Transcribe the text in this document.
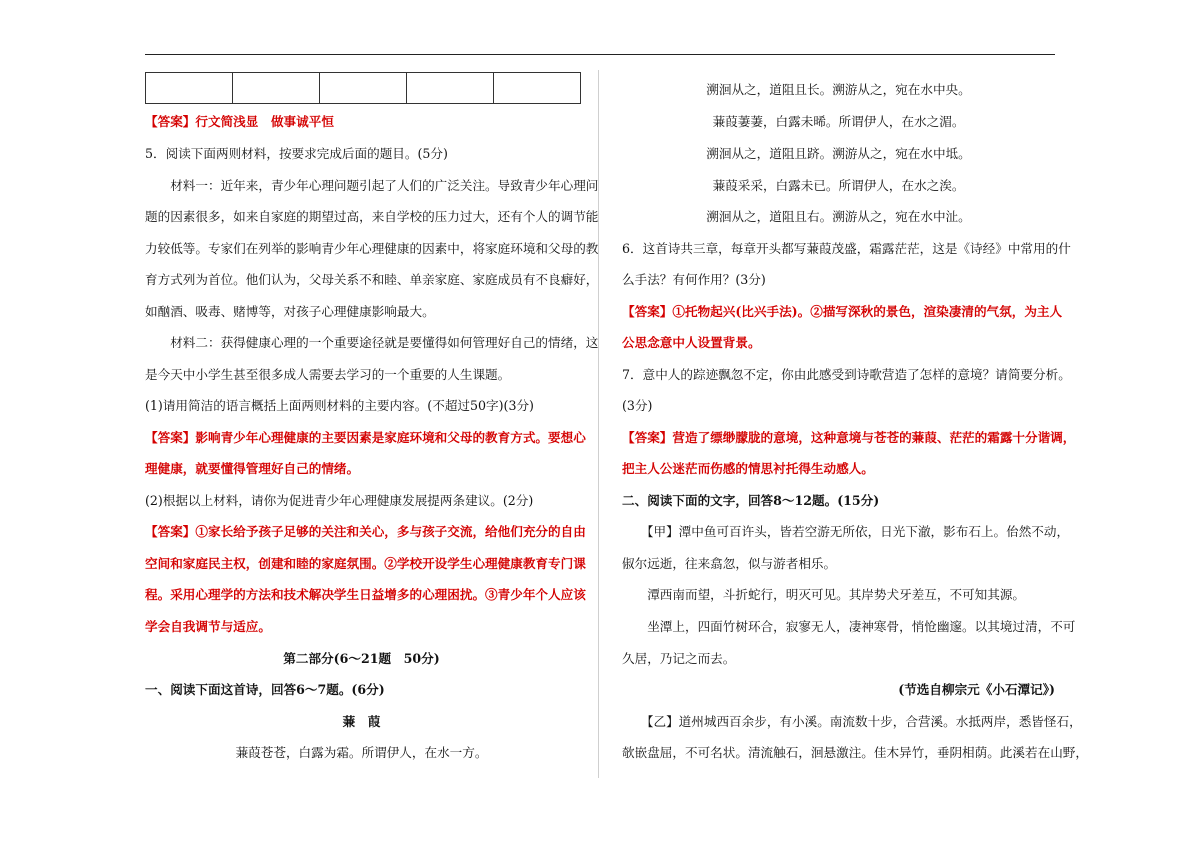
【答案】行文简浅显　做事诚平恒
5．阅读下面两则材料，按要求完成后面的题目。(5分)
　　材料一：近年来，青少年心理问题引起了人们的广泛关注。导致青少年心理问
题的因素很多，如来自家庭的期望过高，来自学校的压力过大，还有个人的调节能
力较低等。专家们在列举的影响青少年心理健康的因素中，将家庭环境和父母的教
育方式列为首位。他们认为，父母关系不和睦、单亲家庭、家庭成员有不良癖好，
如酗酒、吸毒、赌博等，对孩子心理健康影响最大。
　　材料二：获得健康心理的一个重要途径就是要懂得如何管理好自己的情绪，这
是今天中小学生甚至很多成人需要去学习的一个重要的人生课题。
(1)请用简洁的语言概括上面两则材料的主要内容。(不超过50字)(3分)
【答案】影响青少年心理健康的主要因素是家庭环境和父母的教育方式。要想心
理健康，就要懂得管理好自己的情绪。
(2)根据以上材料，请你为促进青少年心理健康发展提两条建议。(2分)
【答案】①家长给予孩子足够的关注和关心，多与孩子交流，给他们充分的自由
空间和家庭民主权，创建和睦的家庭氛围。②学校开设学生心理健康教育专门课
程。采用心理学的方法和技术解决学生日益增多的心理困扰。③青少年个人应该
学会自我调节与适应。
第二部分(6～21题　50分)
一、阅读下面这首诗，回答6～7题。(6分)
蒹　葭
蒹葭苍苍，白露为霜。所谓伊人，在水一方。
溯洄从之，道阻且长。溯游从之，宛在水中央。
蒹葭萋萋，白露未晞。所谓伊人，在水之湄。
溯洄从之，道阻且跻。溯游从之，宛在水中坻。
蒹葭采采，白露未已。所谓伊人，在水之涘。
溯洄从之，道阻且右。溯游从之，宛在水中沚。
6．这首诗共三章，每章开头都写蒹葭茂盛，霜露茫茫，这是《诗经》中常用的什
么手法？有何作用？(3分)
【答案】①托物起兴(比兴手法)。②描写深秋的景色，渲染凄清的气氛，为主人
公思念意中人设置背景。
7．意中人的踪迹飘忽不定，你由此感受到诗歌营造了怎样的意境？请简要分析。
(3分)
【答案】营造了缥缈朦胧的意境，这种意境与苍苍的蒹葭、茫茫的霜露十分谐调，
把主人公迷茫而伤感的情思衬托得生动感人。
二、阅读下面的文字，回答8～12题。(15分)
　　【甲】潭中鱼可百许头，皆若空游无所依，日光下澈，影布石上。佁然不动，
俶尔远逝，往来翕忽，似与游者相乐。
　　潭西南而望，斗折蛇行，明灭可见。其岸势犬牙差互，不可知其源。
　　坐潭上，四面竹树环合，寂寥无人，凄神寒骨，悄怆幽邃。以其境过清，不可
久居，乃记之而去。
(节选自柳宗元《小石潭记》)
　　【乙】道州城西百余步，有小溪。南流数十步，合营溪。水抵两岸，悉皆怪石，
欹嵌盘屈，不可名状。清流触石，洄悬激注。佳木异竹，垂阴相荫。此溪若在山野，
